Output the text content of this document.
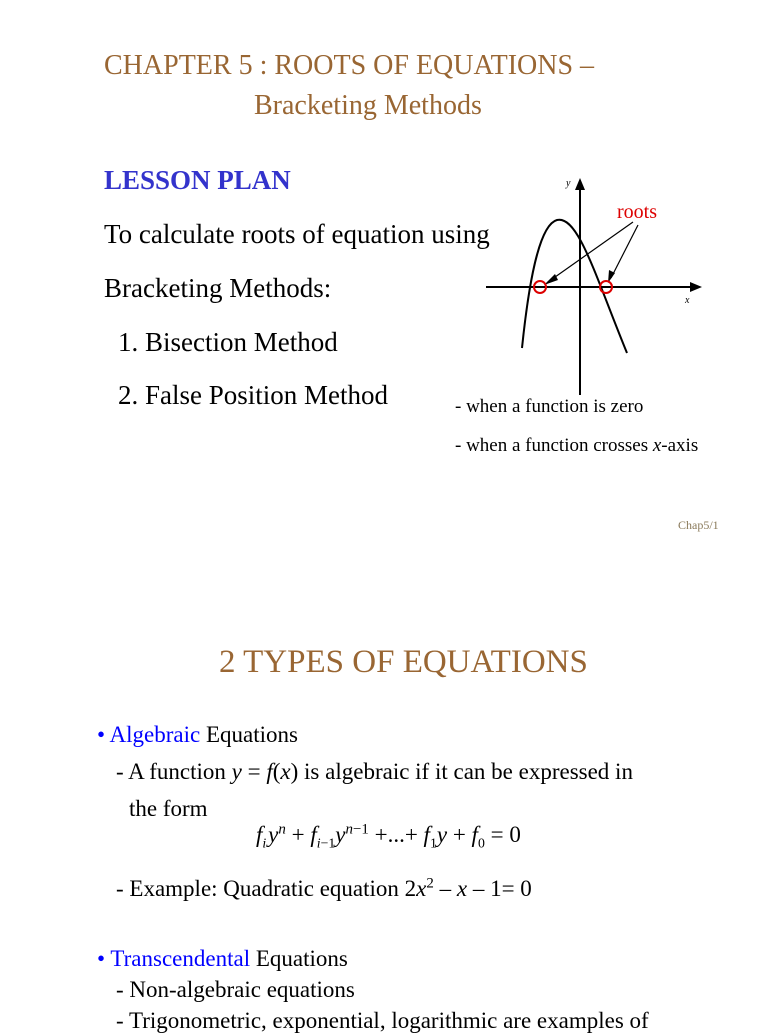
CHAPTER 5 : ROOTS OF EQUATIONS –
Bracketing Methods
LESSON PLAN
To calculate roots of equation using
Bracketing Methods:
1. Bisection Method
2. False Position Method
y
x
roots
- when a function is zero
- when a function crosses x-axis
Chap5/1
2 TYPES OF EQUATIONS
• Algebraic Equations
- A function y = f(x) is algebraic if it can be expressed in
the form
$f_i$ $y^n + f_{i-1}y^{n-1}$ +...+ $f_1y + f_0 = 0$
- Example: Quadratic equation $2x^2 - x - 1= 0$
• Transcendental Equations
- Non-algebraic equations
- Trigonometric, exponential, logarithmic are examples of
